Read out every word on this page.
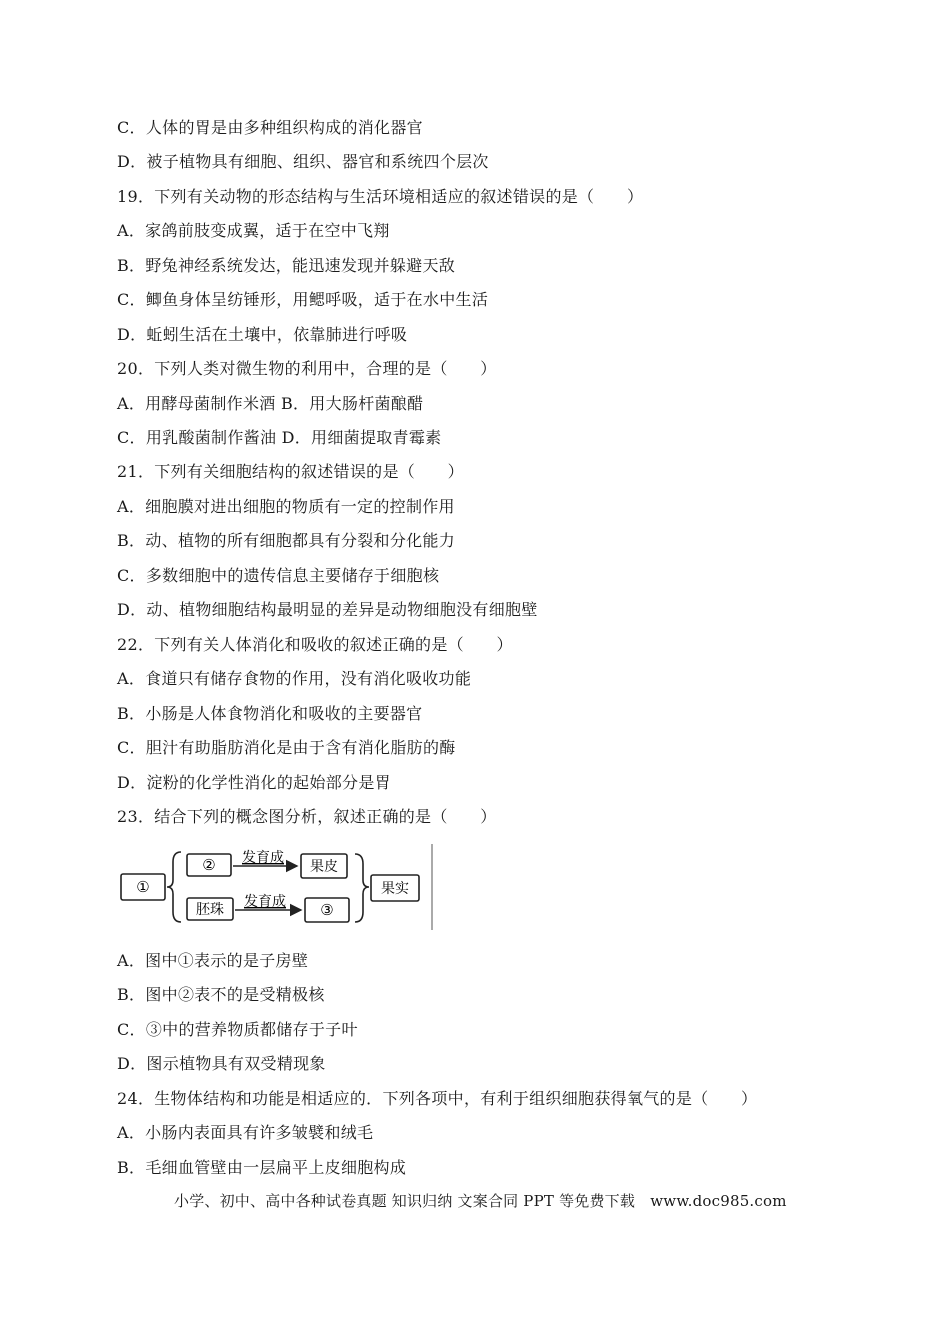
C．人体的胃是由多种组织构成的消化器官
D．被子植物具有细胞、组织、器官和系统四个层次
19．下列有关动物的形态结构与生活环境相适应的叙述错误的是（　　）
A．家鸽前肢变成翼，适于在空中飞翔
B．野兔神经系统发达，能迅速发现并躲避天敌
C．鲫鱼身体呈纺锤形，用鳃呼吸，适于在水中生活
D．蚯蚓生活在土壤中，依靠肺进行呼吸
20．下列人类对微生物的利用中，合理的是（　　）
A．用酵母菌制作米酒 B．用大肠杆菌酿醋
C．用乳酸菌制作酱油 D．用细菌提取青霉素
21．下列有关细胞结构的叙述错误的是（　　）
A．细胞膜对进出细胞的物质有一定的控制作用
B．动、植物的所有细胞都具有分裂和分化能力
C．多数细胞中的遗传信息主要储存于细胞核
D．动、植物细胞结构最明显的差异是动物细胞没有细胞壁
22．下列有关人体消化和吸收的叙述正确的是（　　）
A．食道只有储存食物的作用，没有消化吸收功能
B．小肠是人体食物消化和吸收的主要器官
C．胆汁有助脂肪消化是由于含有消化脂肪的酶
D．淀粉的化学性消化的起始部分是胃
23．结合下列的概念图分析，叙述正确的是（　　）
①
②
胚珠
发育成
发育成
果皮
③
果实
A．图中①表示的是子房壁
B．图中②表不的是受精极核
C．③中的营养物质都储存于子叶
D．图示植物具有双受精现象
24．生物体结构和功能是相适应的．下列各项中，有利于组织细胞获得氧气的是（　　）
A．小肠内表面具有许多皱襞和绒毛
B．毛细血管壁由一层扁平上皮细胞构成
小学、初中、高中各种试卷真题 知识归纳 文案合同 PPT 等免费下载　www.doc985.com
